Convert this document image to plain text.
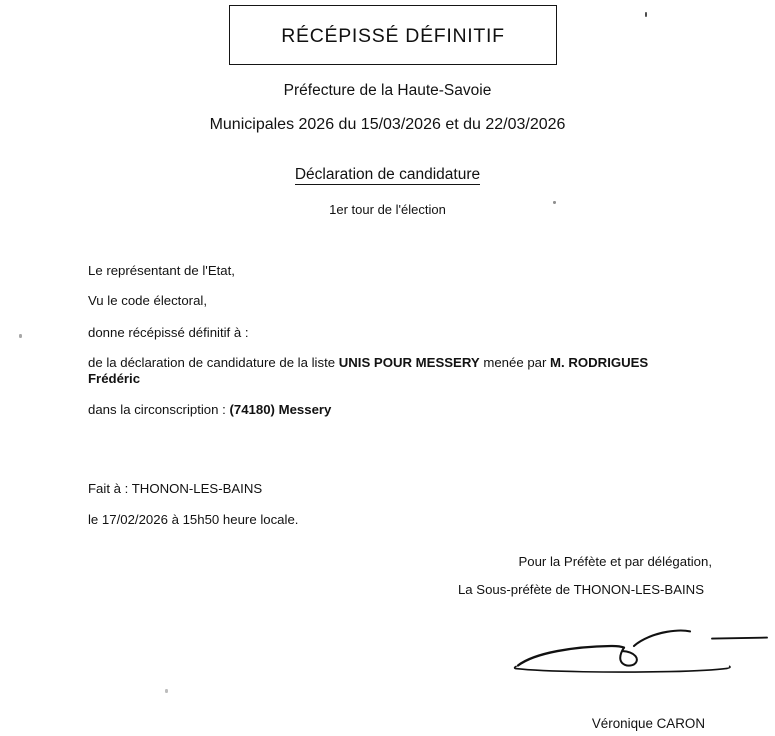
RÉCÉPISSÉ DÉFINITIF
Préfecture de la Haute-Savoie
Municipales 2026 du 15/03/2026 et du 22/03/2026
Déclaration de candidature
1er tour de l'élection
Le représentant de l'Etat,
Vu le code électoral,
donne récépissé définitif à :
de la déclaration de candidature de la liste UNIS POUR MESSERY menée par M. RODRIGUES Frédéric
dans la circonscription : (74180) Messery
Fait à : THONON-LES-BAINS
le 17/02/2026 à 15h50 heure locale.
Pour la Préfète et par délégation,
La Sous-préfète de THONON-LES-BAINS
Véronique CARON
